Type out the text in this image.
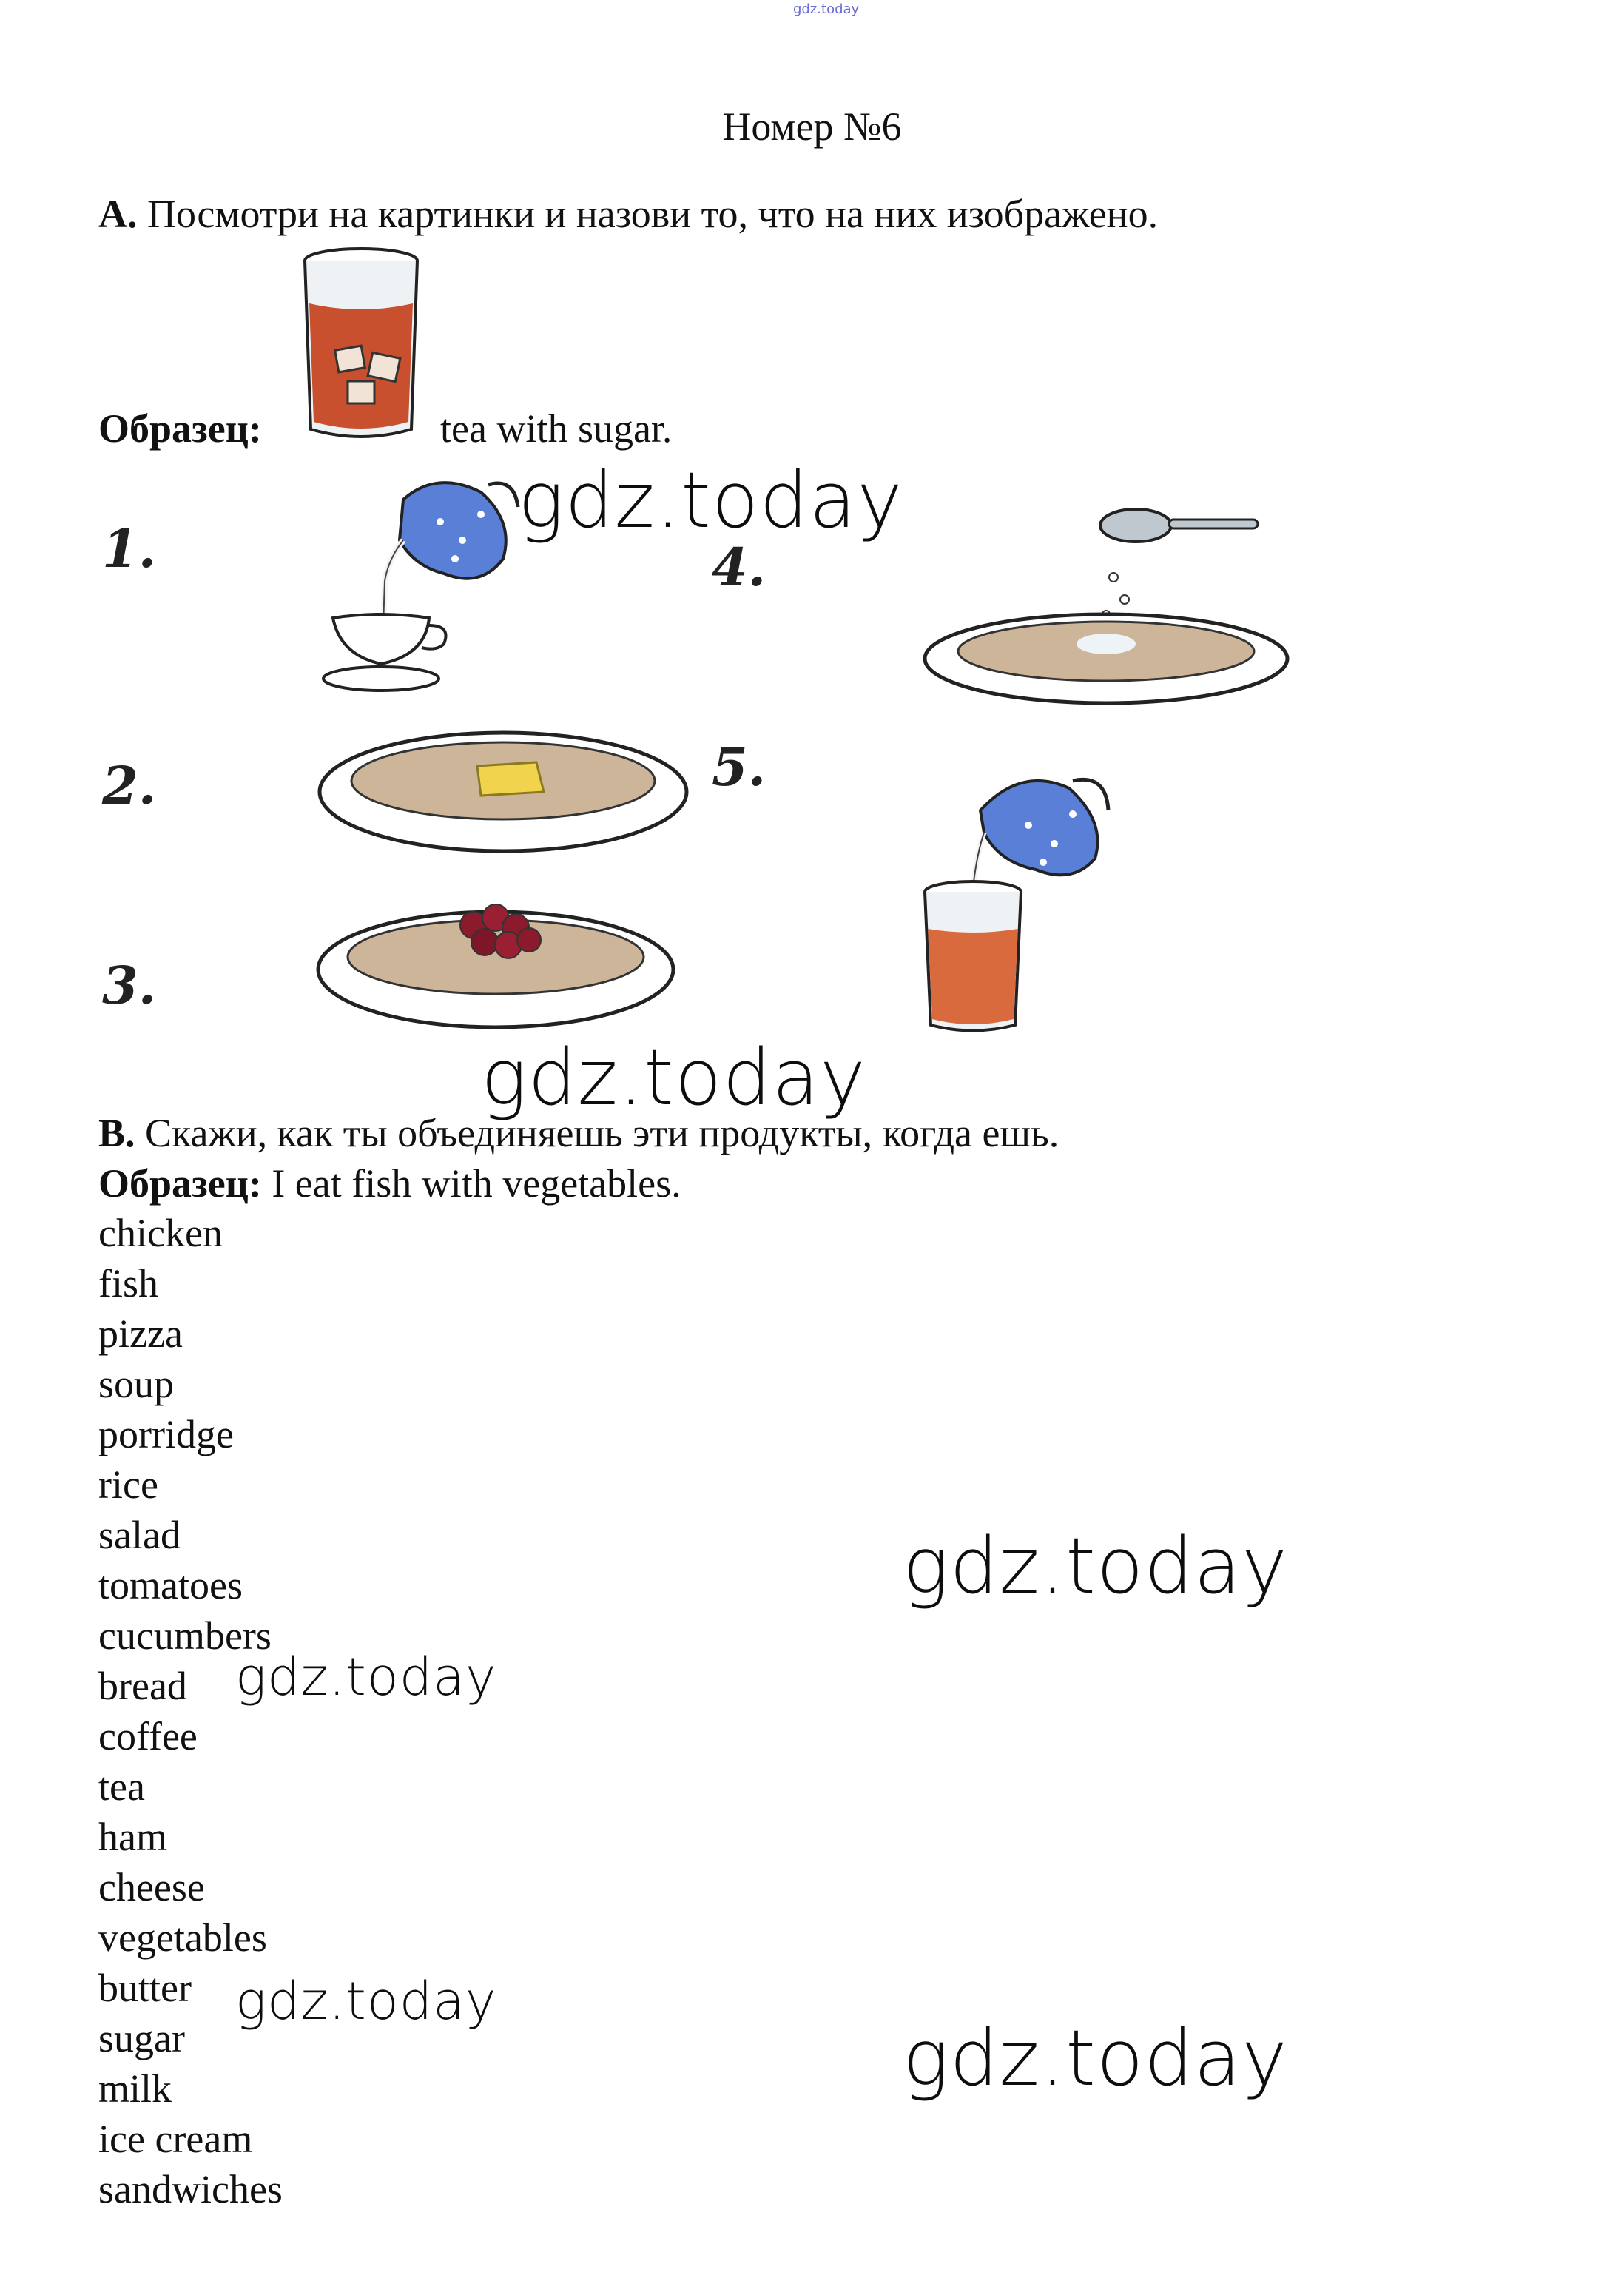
gdz.today
Номер №6
A. Посмотри на картинки и назови то, что на них изображено.
Образец:	tea with sugar.
1.
2.
3.
4.
5.
B. Скажи, как ты объединяешь эти продукты, когда ешь.
Образец: I eat fish with vegetables.
chicken
fish
pizza
soup
porridge
rice
salad
tomatoes
cucumbers
bread
coffee
tea
ham
cheese
vegetables
butter
sugar
milk
ice cream
sandwiches
gdz.today
gdz.today
gdz.today
gdz.today
gdz.today
gdz.today
